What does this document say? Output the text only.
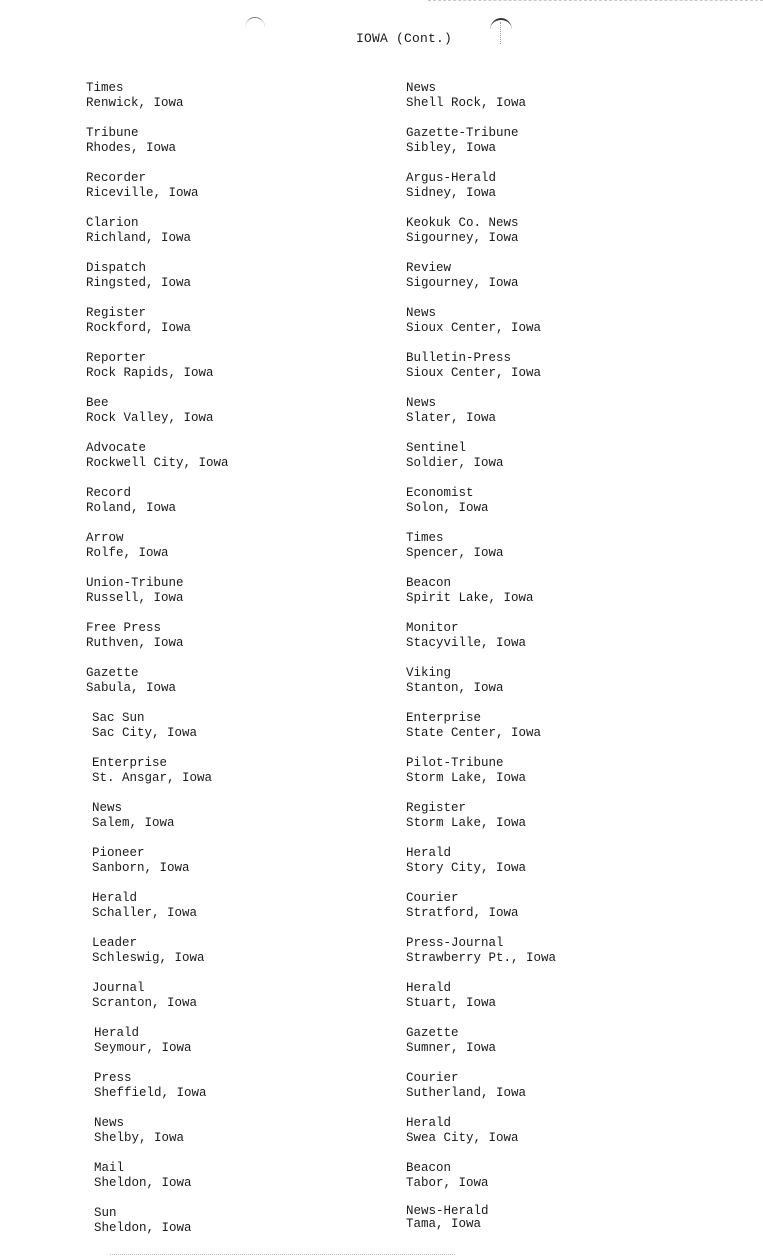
IOWA (Cont.)
Times
Renwick, Iowa
Tribune
Rhodes, Iowa
Recorder
Riceville, Iowa
Clarion
Richland, Iowa
Dispatch
Ringsted, Iowa
Register
Rockford, Iowa
Reporter
Rock Rapids, Iowa
Bee
Rock Valley, Iowa
Advocate
Rockwell City, Iowa
Record
Roland, Iowa
Arrow
Rolfe, Iowa
Union-Tribune
Russell, Iowa
Free Press
Ruthven, Iowa
Gazette
Sabula, Iowa
Sac Sun
Sac City, Iowa
Enterprise
St. Ansgar, Iowa
News
Salem, Iowa
Pioneer
Sanborn, Iowa
Herald
Schaller, Iowa
Leader
Schleswig, Iowa
Journal
Scranton, Iowa
Herald
Seymour, Iowa
Press
Sheffield, Iowa
News
Shelby, Iowa
Mail
Sheldon, Iowa
Sun
Sheldon, Iowa
News
Shell Rock, Iowa
Gazette-Tribune
Sibley, Iowa
Argus-Herald
Sidney, Iowa
Keokuk Co. News
Sigourney, Iowa
Review
Sigourney, Iowa
News
Sioux Center, Iowa
Bulletin-Press
Sioux Center, Iowa
News
Slater, Iowa
Sentinel
Soldier, Iowa
Economist
Solon, Iowa
Times
Spencer, Iowa
Beacon
Spirit Lake, Iowa
Monitor
Stacyville, Iowa
Viking
Stanton, Iowa
Enterprise
State Center, Iowa
Pilot-Tribune
Storm Lake, Iowa
Register
Storm Lake, Iowa
Herald
Story City, Iowa
Courier
Stratford, Iowa
Press-Journal
Strawberry Pt., Iowa
Herald
Stuart, Iowa
Gazette
Sumner, Iowa
Courier
Sutherland, Iowa
Herald
Swea City, Iowa
Beacon
Tabor, Iowa
News-Herald
Tama, Iowa
